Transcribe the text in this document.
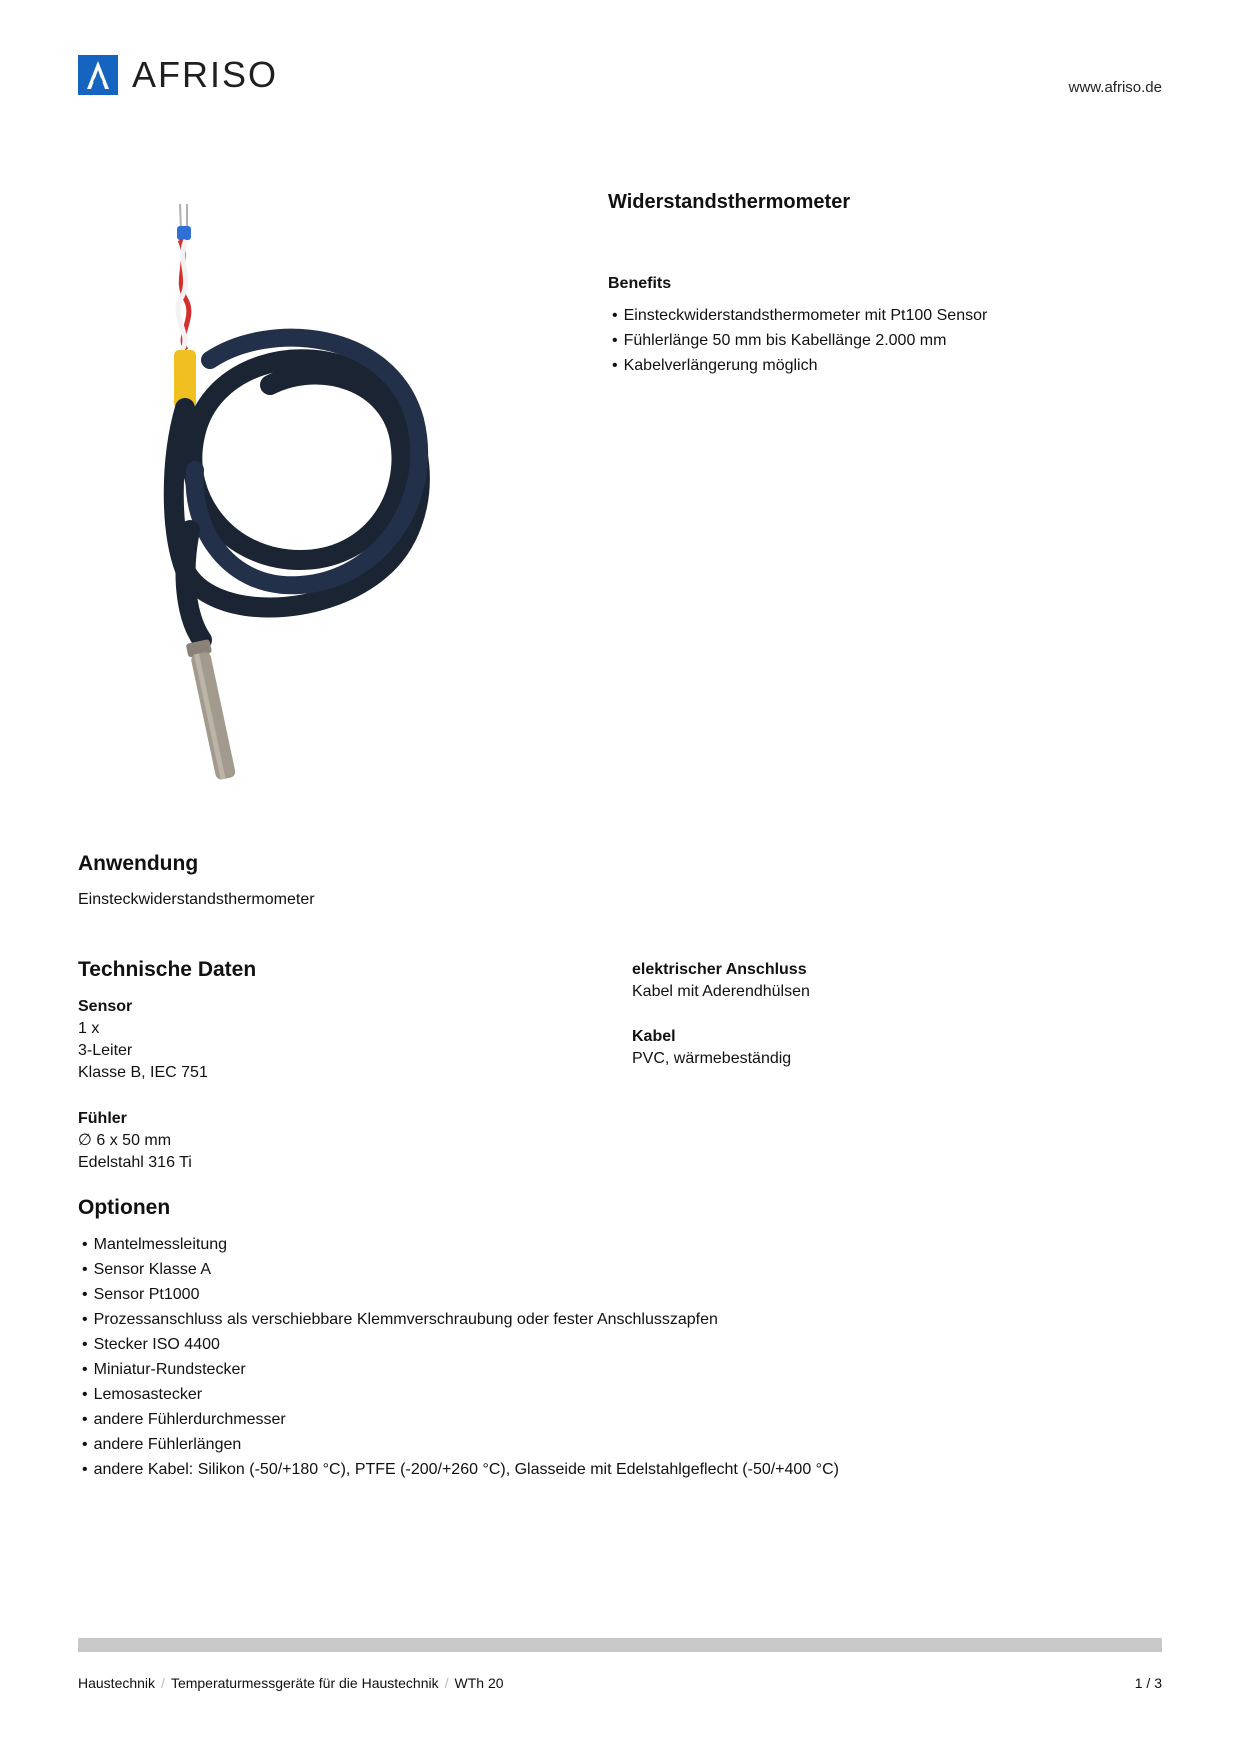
AFRISO	www.afriso.de
Widerstandsthermometer
Benefits
• Einsteckwiderstandsthermometer mit Pt100 Sensor
• Fühlerlänge 50 mm bis Kabellänge 2.000 mm
• Kabelverlängerung möglich
Anwendung
Einsteckwiderstandsthermometer
Technische Daten
Sensor
1 x
3-Leiter
Klasse B, IEC 751
Fühler
∅ 6 x 50 mm
Edelstahl 316 Ti
elektrischer Anschluss
Kabel mit Aderendhülsen
Kabel
PVC, wärmebeständig
Optionen
• Mantelmessleitung
• Sensor Klasse A
• Sensor Pt1000
• Prozessanschluss als verschiebbare Klemmverschraubung oder fester Anschlusszapfen
• Stecker ISO 4400
• Miniatur-Rundstecker
• Lemosastecker
• andere Fühlerdurchmesser
• andere Fühlerlängen
• andere Kabel: Silikon (-50/+180 °C), PTFE (-200/+260 °C), Glasseide mit Edelstahlgeflecht (-50/+400 °C)
Haustechnik / Temperaturmessgeräte für die Haustechnik / WTh 20	1 / 3
